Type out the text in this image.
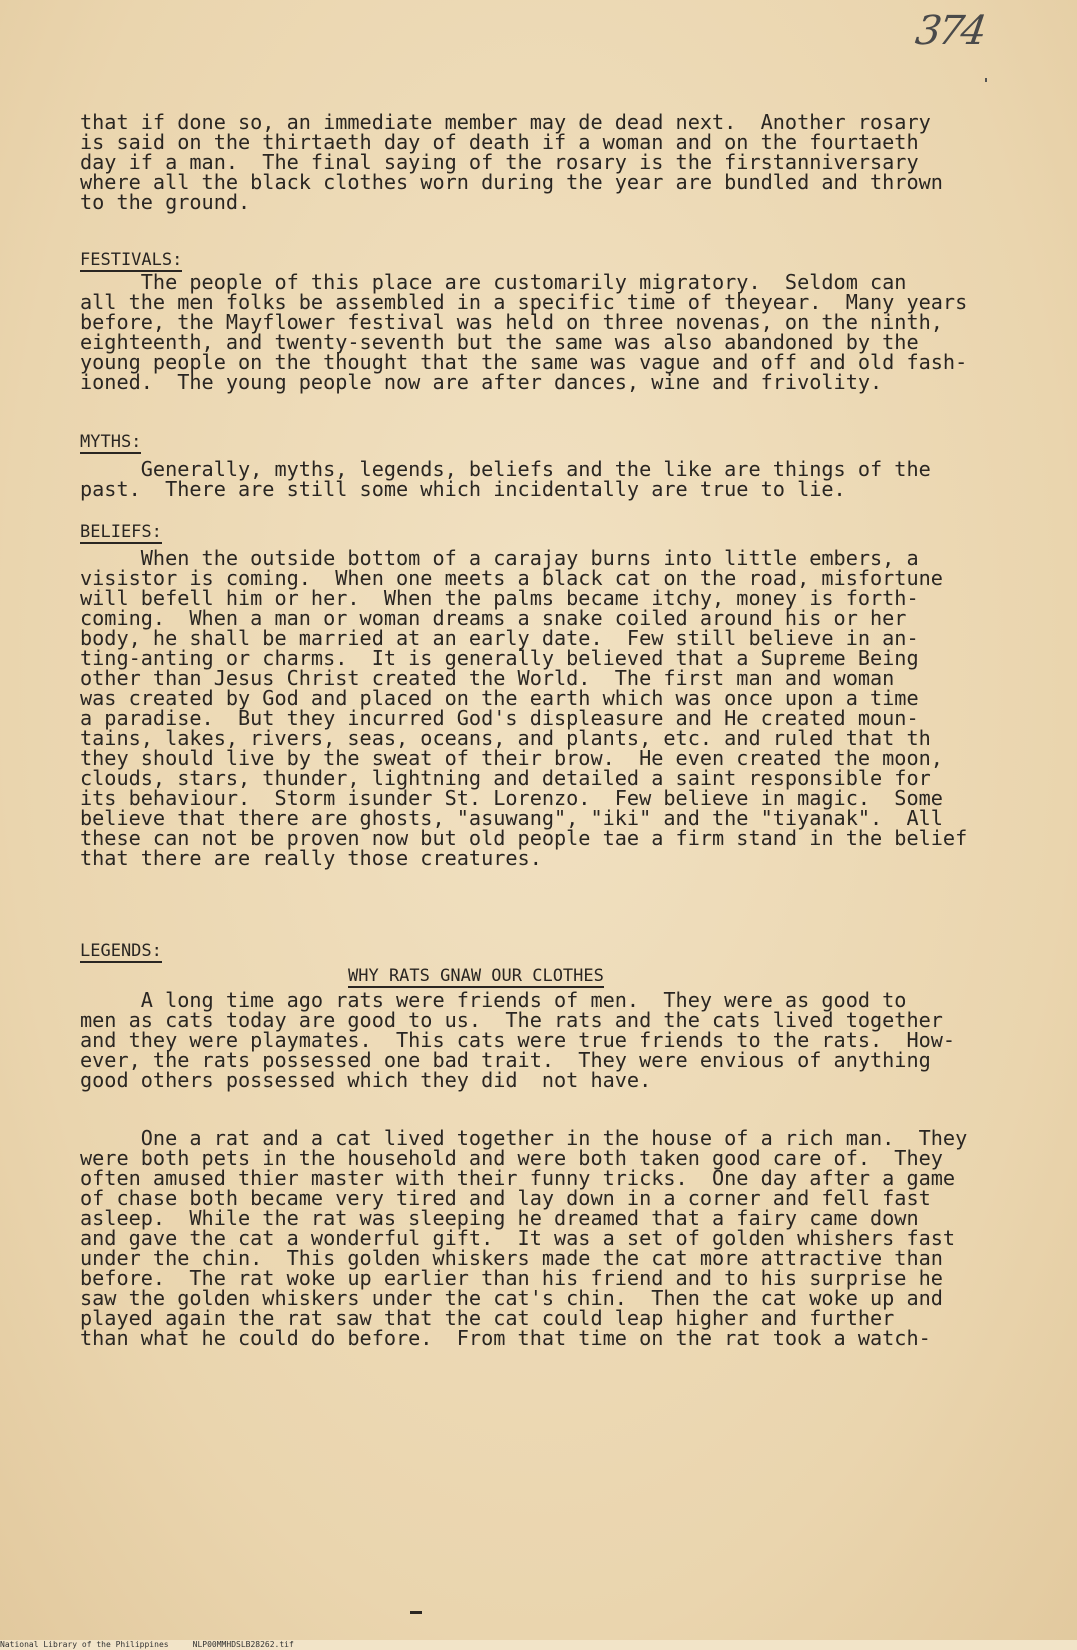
374
that if done so, an immediate member may de dead next.  Another rosary
is said on the thirtaeth day of death if a woman and on the fourtaeth
day if a man.  The final saying of the rosary is the firstanniversary
where all the black clothes worn during the year are bundled and thrown
to the ground.
FESTIVALS:
The people of this place are customarily migratory.  Seldom can
all the men folks be assembled in a specific time of theyear.  Many years
before, the Mayflower festival was held on three novenas, on the ninth,
eighteenth, and twenty-seventh but the same was also abandoned by the
young people on the thought that the same was vague and off and old fash-
ioned.  The young people now are after dances, wine and frivolity.
MYTHS:
Generally, myths, legends, beliefs and the like are things of the
past.  There are still some which incidentally are true to lie.
BELIEFS:
When the outside bottom of a carajay burns into little embers, a
visistor is coming.  When one meets a black cat on the road, misfortune
will befell him or her.  When the palms became itchy, money is forth-
coming.  When a man or woman dreams a snake coiled around his or her
body, he shall be married at an early date.  Few still believe in an-
ting-anting or charms.  It is generally believed that a Supreme Being
other than Jesus Christ created the World.  The first man and woman
was created by God and placed on the earth which was once upon a time
a paradise.  But they incurred God's displeasure and He created moun-
tains, lakes, rivers, seas, oceans, and plants, etc. and ruled that th
they should live by the sweat of their brow.  He even created the moon,
clouds, stars, thunder, lightning and detailed a saint responsible for
its behaviour.  Storm isunder St. Lorenzo.  Few believe in magic.  Some
believe that there are ghosts, "asuwang", "iki" and the "tiyanak".  All
these can not be proven now but old people tae a firm stand in the belief
that there are really those creatures.
LEGENDS:
WHY RATS GNAW OUR CLOTHES
A long time ago rats were friends of men.  They were as good to
men as cats today are good to us.  The rats and the cats lived together
and they were playmates.  This cats were true friends to the rats.  How-
ever, the rats possessed one bad trait.  They were envious of anything
good others possessed which they did  not have.
One a rat and a cat lived together in the house of a rich man.  They
were both pets in the household and were both taken good care of.  They
often amused thier master with their funny tricks.  One day after a game
of chase both became very tired and lay down in a corner and fell fast
asleep.  While the rat was sleeping he dreamed that a fairy came down
and gave the cat a wonderful gift.  It was a set of golden whishers fast
under the chin.  This golden whiskers made the cat more attractive than
before.  The rat woke up earlier than his friend and to his surprise he
saw the golden whiskers under the cat's chin.  Then the cat woke up and
played again the rat saw that the cat could leap higher and further
than what he could do before.  From that time on the rat took a watch-
National Library of the Philippines     NLP00MMHDSLB28262.tif
